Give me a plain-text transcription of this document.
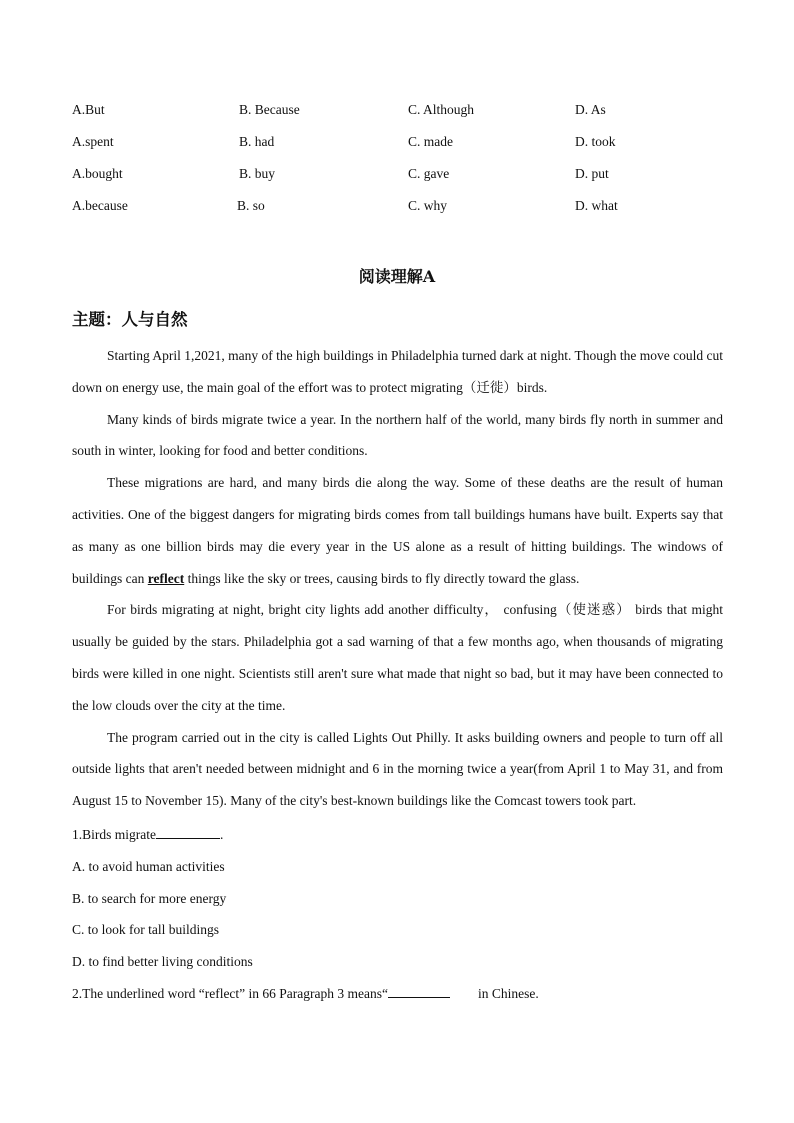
A.But	B. Because	C. Although	D. As
A.spent	B. had	C. made	D. took
A.bought	B. buy	C. gave	D. put
A.because	B. so	C. why	D. what
阅读理解A
主题：人与自然

Starting April 1,2021, many of the high buildings in Philadelphia turned dark at night. Though the move could cut down on energy use, the main goal of the effort was to protect migrating（迁徙）birds.

Many kinds of birds migrate twice a year. In the northern half of the world, many birds fly north in summer and south in winter, looking for food and better conditions.

These migrations are hard, and many birds die along the way. Some of these deaths are the result of human activities. One of the biggest dangers for migrating birds comes from tall buildings humans have built. Experts say that as many as one billion birds may die every year in the US alone as a result of hitting buildings. The windows of buildings can reflect things like the sky or trees, causing birds to fly directly toward the glass.

For birds migrating at night, bright city lights add another difficulty， confusing（使迷惑） birds that might usually be guided by the stars. Philadelphia got a sad warning of that a few months ago, when thousands of migrating birds were killed in one night. Scientists still aren't sure what made that night so bad, but it may have been connected to the low clouds over the city at the time.

The program carried out in the city is called Lights Out Philly. It asks building owners and people to turn off all outside lights that aren't needed between midnight and 6 in the morning twice a year(from April 1 to May 31, and from August 15 to November 15). Many of the city's best-known buildings like the Comcast towers took part.

1.Birds migrate	.
A. to avoid human activities
B. to search for more energy
C. to look for tall buildings
D. to find better living conditions
2.The underlined word “reflect” in 66 Paragraph 3 means“	in Chinese.
